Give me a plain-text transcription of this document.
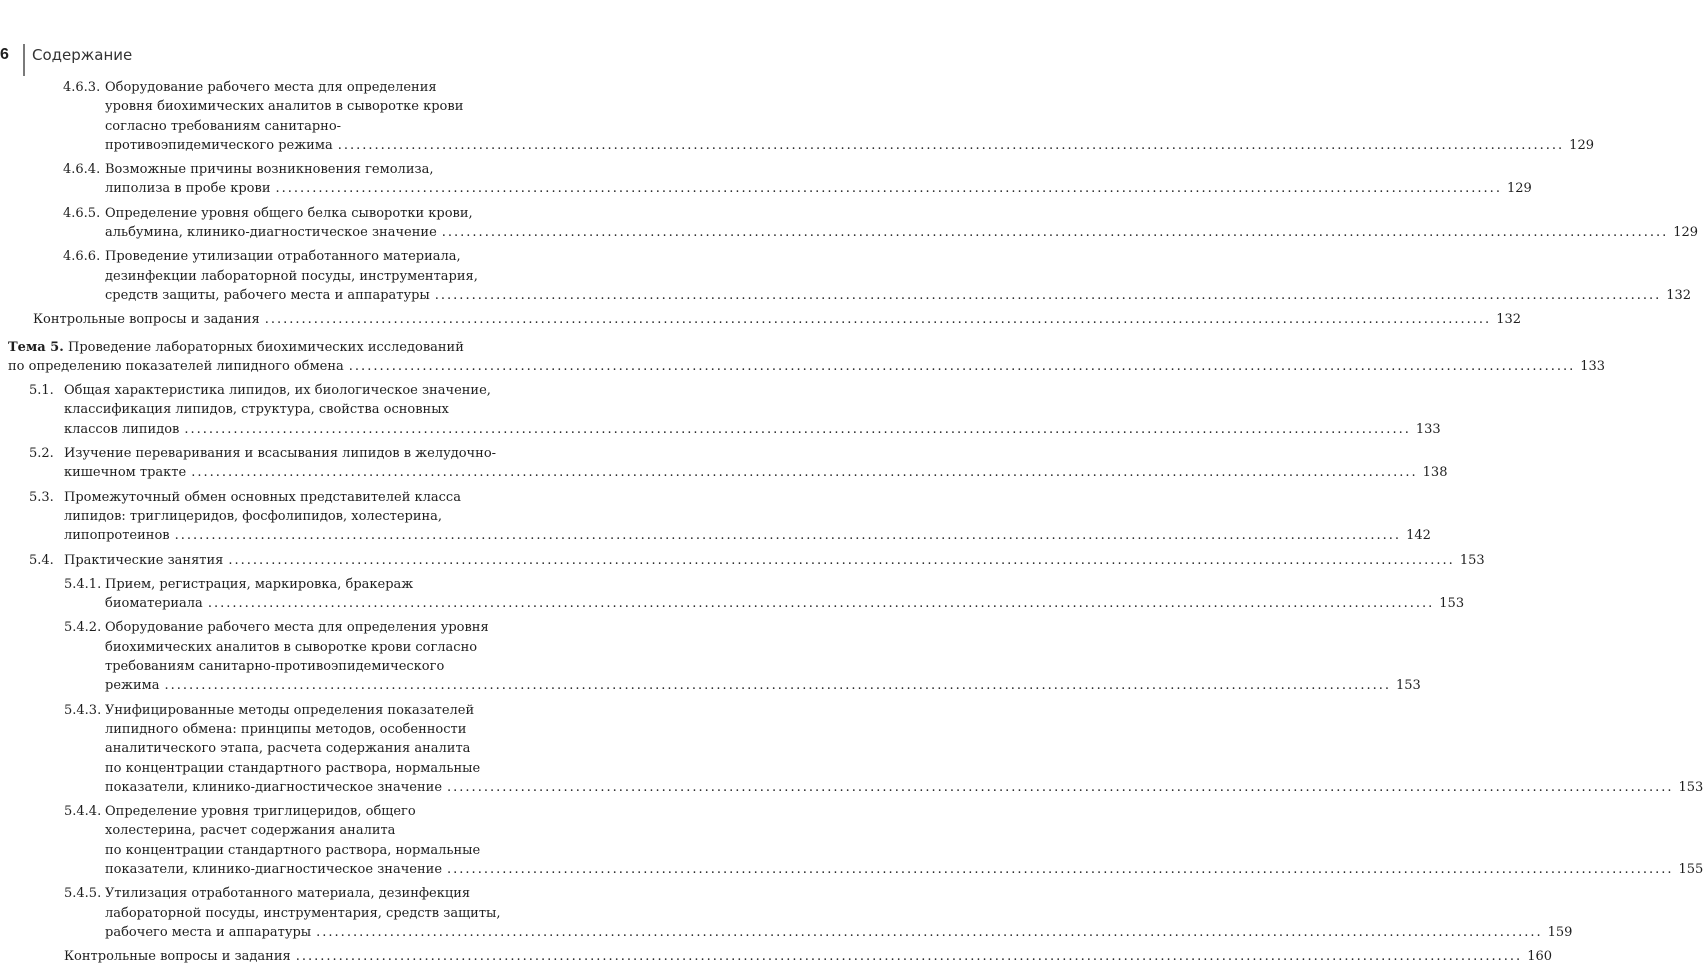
6 Содержание
4.6.3. Оборудование рабочего места для определения
уровня биохимических аналитов в сыворотке крови
согласно требованиям санитарно-
противоэпидемического режима ........................................................................................................................................................................................................ 129
4.6.4. Возможные причины возникновения гемолиза,
липолиза в пробе крови ........................................................................................................................................................................................................ 129
4.6.5. Определение уровня общего белка сыворотки крови,
альбумина, клинико-диагностическое значение ........................................................................................................................................................................................................ 129
4.6.6. Проведение утилизации отработанного материала,
дезинфекции лабораторной посуды, инструментария,
средств защиты, рабочего места и аппаратуры ........................................................................................................................................................................................................ 132
Контрольные вопросы и задания ........................................................................................................................................................................................................ 132
Тема 5. Проведение лабораторных биохимических исследований
по определению показателей липидного обмена ........................................................................................................................................................................................................ 133
5.1. Общая характеристика липидов, их биологическое значение,
классификация липидов, структура, свойства основных
классов липидов ........................................................................................................................................................................................................ 133
5.2. Изучение переваривания и всасывания липидов в желудочно-
кишечном тракте ........................................................................................................................................................................................................ 138
5.3. Промежуточный обмен основных представителей класса
липидов: триглицеридов, фосфолипидов, холестерина,
липопротеинов ........................................................................................................................................................................................................ 142
5.4. Практические занятия ........................................................................................................................................................................................................ 153
5.4.1. Прием, регистрация, маркировка, бракераж
биоматериала ........................................................................................................................................................................................................ 153
5.4.2. Оборудование рабочего места для определения уровня
биохимических аналитов в сыворотке крови согласно
требованиям санитарно-противоэпидемического
режима ........................................................................................................................................................................................................ 153
5.4.3. Унифицированные методы определения показателей
липидного обмена: принципы методов, особенности
аналитического этапа, расчета содержания аналита
по концентрации стандартного раствора, нормальные
показатели, клинико-диагностическое значение ........................................................................................................................................................................................................ 153
5.4.4. Определение уровня триглицеридов, общего
холестерина, расчет содержания аналита
по концентрации стандартного раствора, нормальные
показатели, клинико-диагностическое значение ........................................................................................................................................................................................................ 155
5.4.5. Утилизация отработанного материала, дезинфекция
лабораторной посуды, инструментария, средств защиты,
рабочего места и аппаратуры ........................................................................................................................................................................................................ 159
Контрольные вопросы и задания ........................................................................................................................................................................................................ 160
